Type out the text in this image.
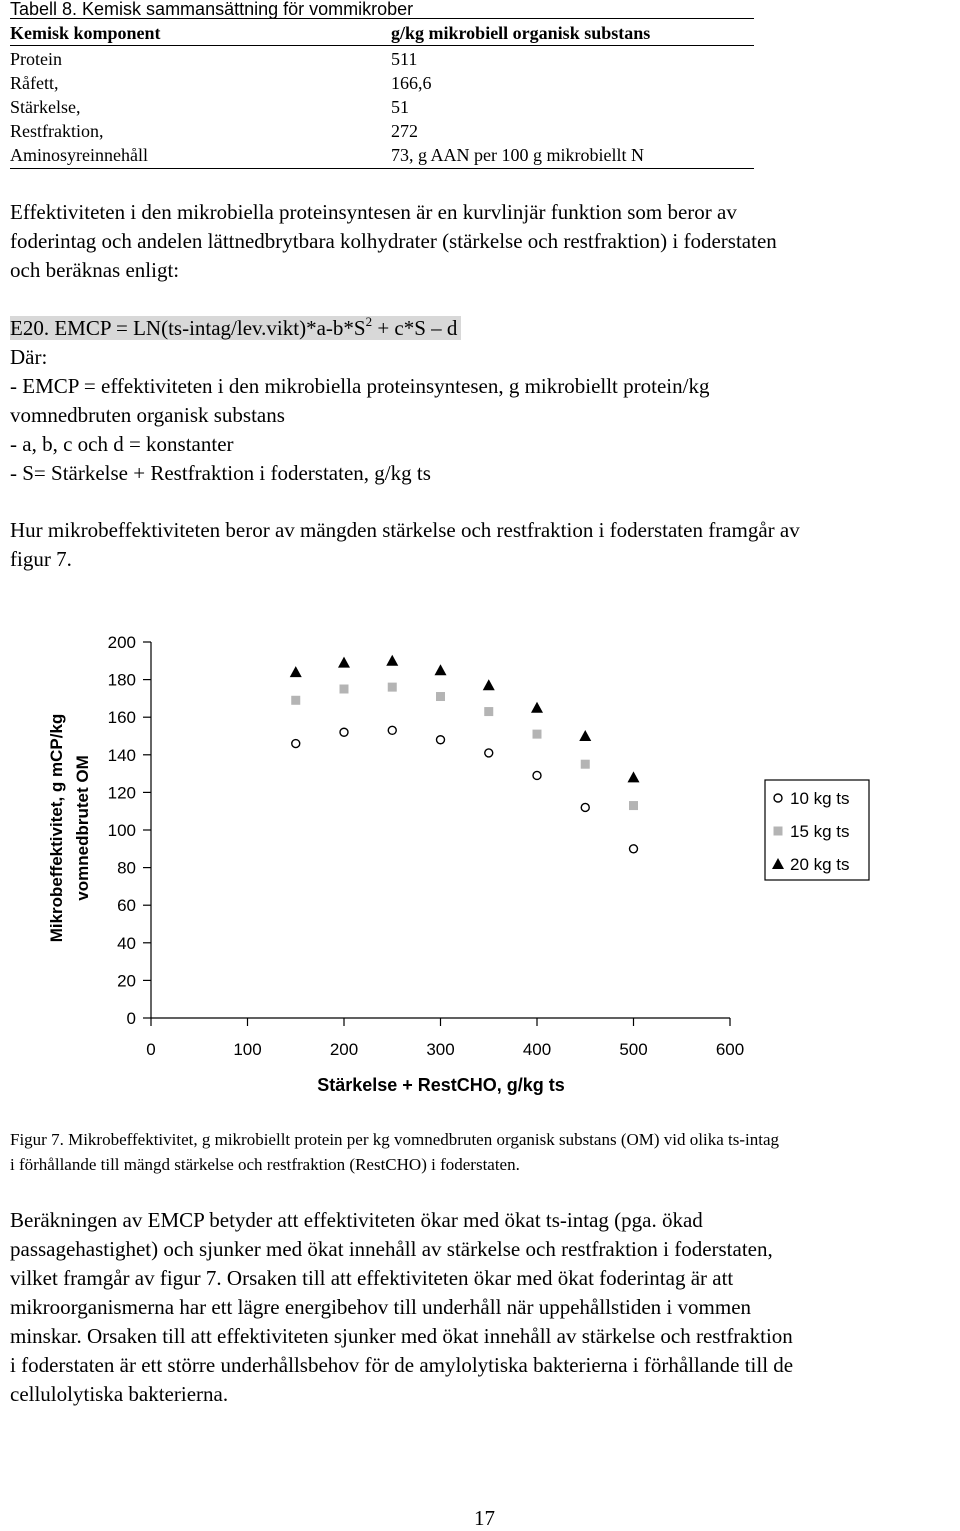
Tabell 8. Kemisk sammansättning för vommikrober
Kemisk komponent	g/kg mikrobiell organisk substans
Protein	511
Råfett,	166,6
Stärkelse,	51
Restfraktion,	272
Aminosyreinnehåll	73, g AAN per 100 g mikrobiellt N
Effektiviteten i den mikrobiella proteinsyntesen är en kurvlinjär funktion som beror av
foderintag och andelen lättnedbrytbara kolhydrater (stärkelse och restfraktion) i foderstaten
och beräknas enligt:
E20. EMCP = $LN(ts-intag/lev.vikt)*a-b*S^2 + c*S - d$
Där:
- EMCP = effektiviteten i den mikrobiella proteinsyntesen, g mikrobiellt protein/kg
vomnedbruten organisk substans
- a, b, c och d = konstanter
- S= Stärkelse + Restfraktion i foderstaten, g/kg ts
Hur mikrobeffektiviteten beror av mängden stärkelse och restfraktion i foderstaten framgår av
figur 7.
0
20
40
60
80
100
120
140
160
180
200
0	100	200	300	400	500	600
10 kg ts
15 kg ts
20 kg ts
Stärkelse + RestCHO, g/kg ts
Mikrobeffektivitet, g mCP/kg vomnedbrutet OM
Figur 7. Mikrobeffektivitet, g mikrobiellt protein per kg vomnedbruten organisk substans (OM) vid olika ts-intag
i förhållande till mängd stärkelse och restfraktion (RestCHO) i foderstaten.
Beräkningen av EMCP betyder att effektiviteten ökar med ökat ts-intag (pga. ökad
passagehastighet) och sjunker med ökat innehåll av stärkelse och restfraktion i foderstaten,
vilket framgår av figur 7. Orsaken till att effektiviteten ökar med ökat foderintag är att
mikroorganismerna har ett lägre energibehov till underhåll när uppehållstiden i vommen
minskar. Orsaken till att effektiviteten sjunker med ökat innehåll av stärkelse och restfraktion
i foderstaten är ett större underhållsbehov för de amylolytiska bakterierna i förhållande till de
cellulolytiska bakterierna.
17
